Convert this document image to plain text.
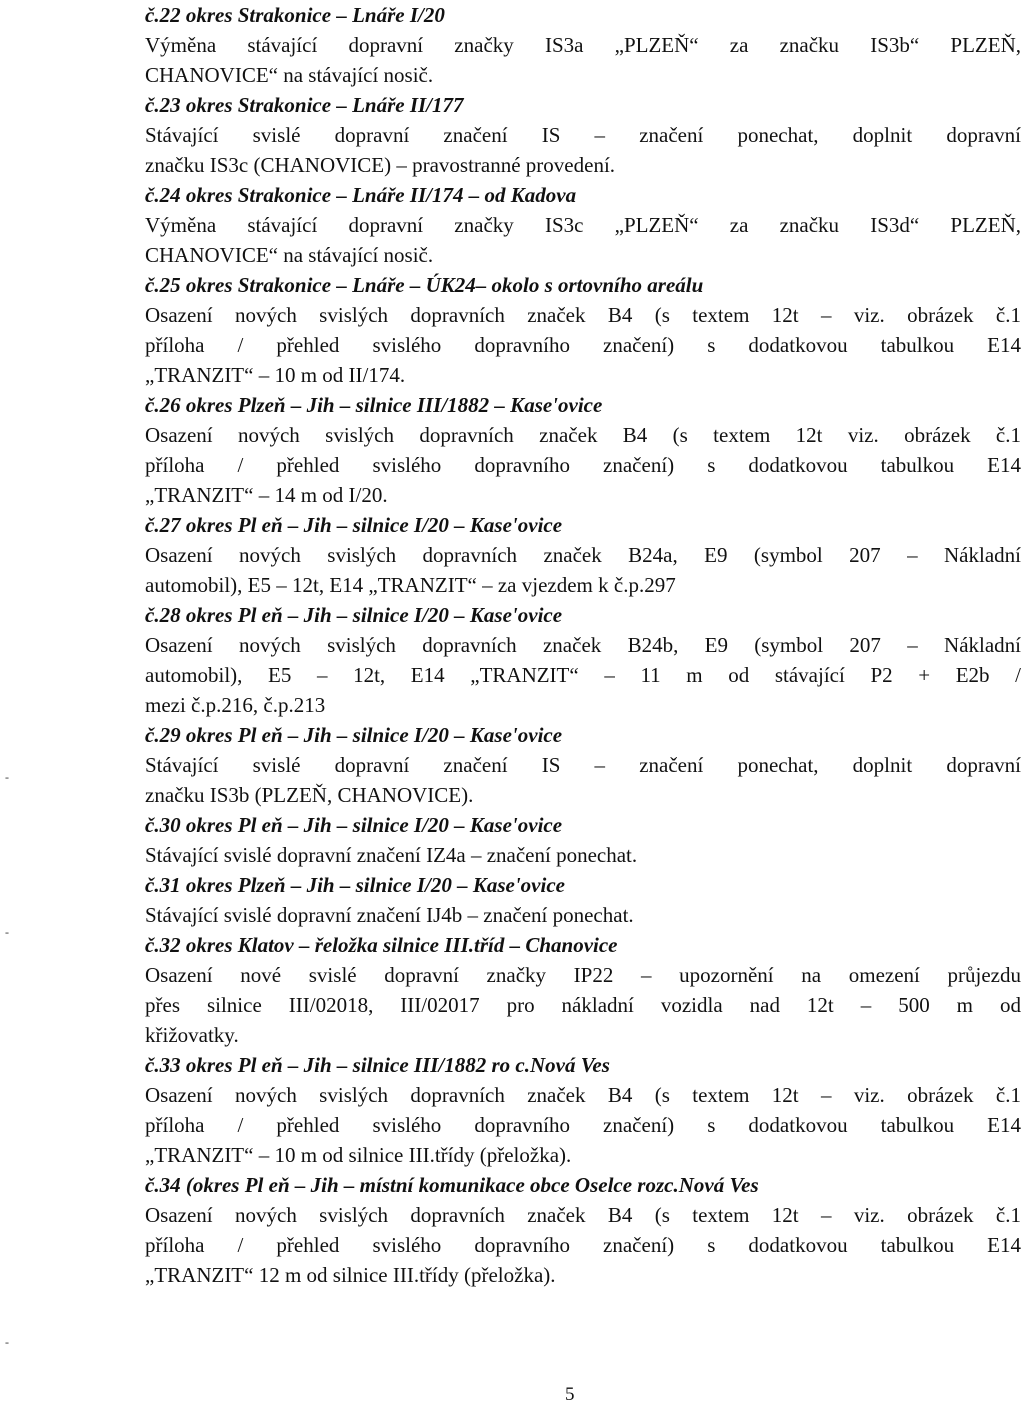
č.22 okres Strakonice – Lnáře I/20

Výměna stávající dopravní značky IS3a „PLZEŇ“ za značku IS3b“ PLZEŇ,
CHANOVICE“ na stávající nosič.

č.23 okres Strakonice – Lnáře II/177

Stávající svislé dopravní značení IS – značení ponechat, doplnit dopravní
značku IS3c (CHANOVICE) – pravostranné provedení.

č.24 okres Strakonice – Lnáře II/174 – od Kadova

Výměna stávající dopravní značky IS3c „PLZEŇ“ za značku IS3d“ PLZEŇ,
CHANOVICE“ na stávající nosič.

č.25 okres Strakonice – Lnáře – ÚK24– okolo s ortovního areálu

Osazení nových svislých dopravních značek B4 (s textem 12t – viz. obrázek č.1
příloha / přehled svislého dopravního značení) s dodatkovou tabulkou E14
„TRANZIT“ – 10 m od II/174.

č.26 okres Plzeň – Jih – silnice III/1882 – Kase'ovice

Osazení nových svislých dopravních značek B4 (s textem 12t viz. obrázek č.1
příloha / přehled svislého dopravního značení) s dodatkovou tabulkou E14
„TRANZIT“ – 14 m od I/20.

č.27 okres Pl eň – Jih – silnice I/20 – Kase'ovice

Osazení nových svislých dopravních značek B24a, E9 (symbol 207 – Nákladní
automobil), E5 – 12t, E14 „TRANZIT“ – za vjezdem k č.p.297

č.28 okres Pl eň – Jih – silnice I/20 – Kase'ovice

Osazení nových svislých dopravních značek B24b, E9 (symbol 207 – Nákladní
automobil), E5 – 12t, E14 „TRANZIT“ – 11 m od stávající P2 + E2b /
mezi č.p.216, č.p.213

č.29 okres Pl eň – Jih – silnice I/20 – Kase'ovice

Stávající svislé dopravní značení IS – značení ponechat, doplnit dopravní
značku IS3b (PLZEŇ, CHANOVICE).

č.30 okres Pl eň – Jih – silnice I/20 – Kase'ovice

Stávající svislé dopravní značení IZ4a – značení ponechat.

č.31 okres Plzeň – Jih – silnice I/20 – Kase'ovice

Stávající svislé dopravní značení IJ4b – značení ponechat.

č.32 okres Klatov – řeložka silnice III.tříd – Chanovice

Osazení nové svislé dopravní značky IP22 – upozornění na omezení průjezdu
přes silnice III/02018, III/02017 pro nákladní vozidla nad 12t – 500 m od
křižovatky.

č.33 okres Pl eň – Jih – silnice III/1882 ro c.Nová Ves

Osazení nových svislých dopravních značek B4 (s textem 12t – viz. obrázek č.1
příloha / přehled svislého dopravního značení) s dodatkovou tabulkou E14
„TRANZIT“ – 10 m od silnice III.třídy (přeložka).

č.34 (okres Pl eň – Jih – místní komunikace obce Oselce rozc.Nová Ves

Osazení nových svislých dopravních značek B4 (s textem 12t – viz. obrázek č.1
příloha / přehled svislého dopravního značení) s dodatkovou tabulkou E14
„TRANZIT“ 12 m od silnice III.třídy (přeložka).

-
-
-
5
